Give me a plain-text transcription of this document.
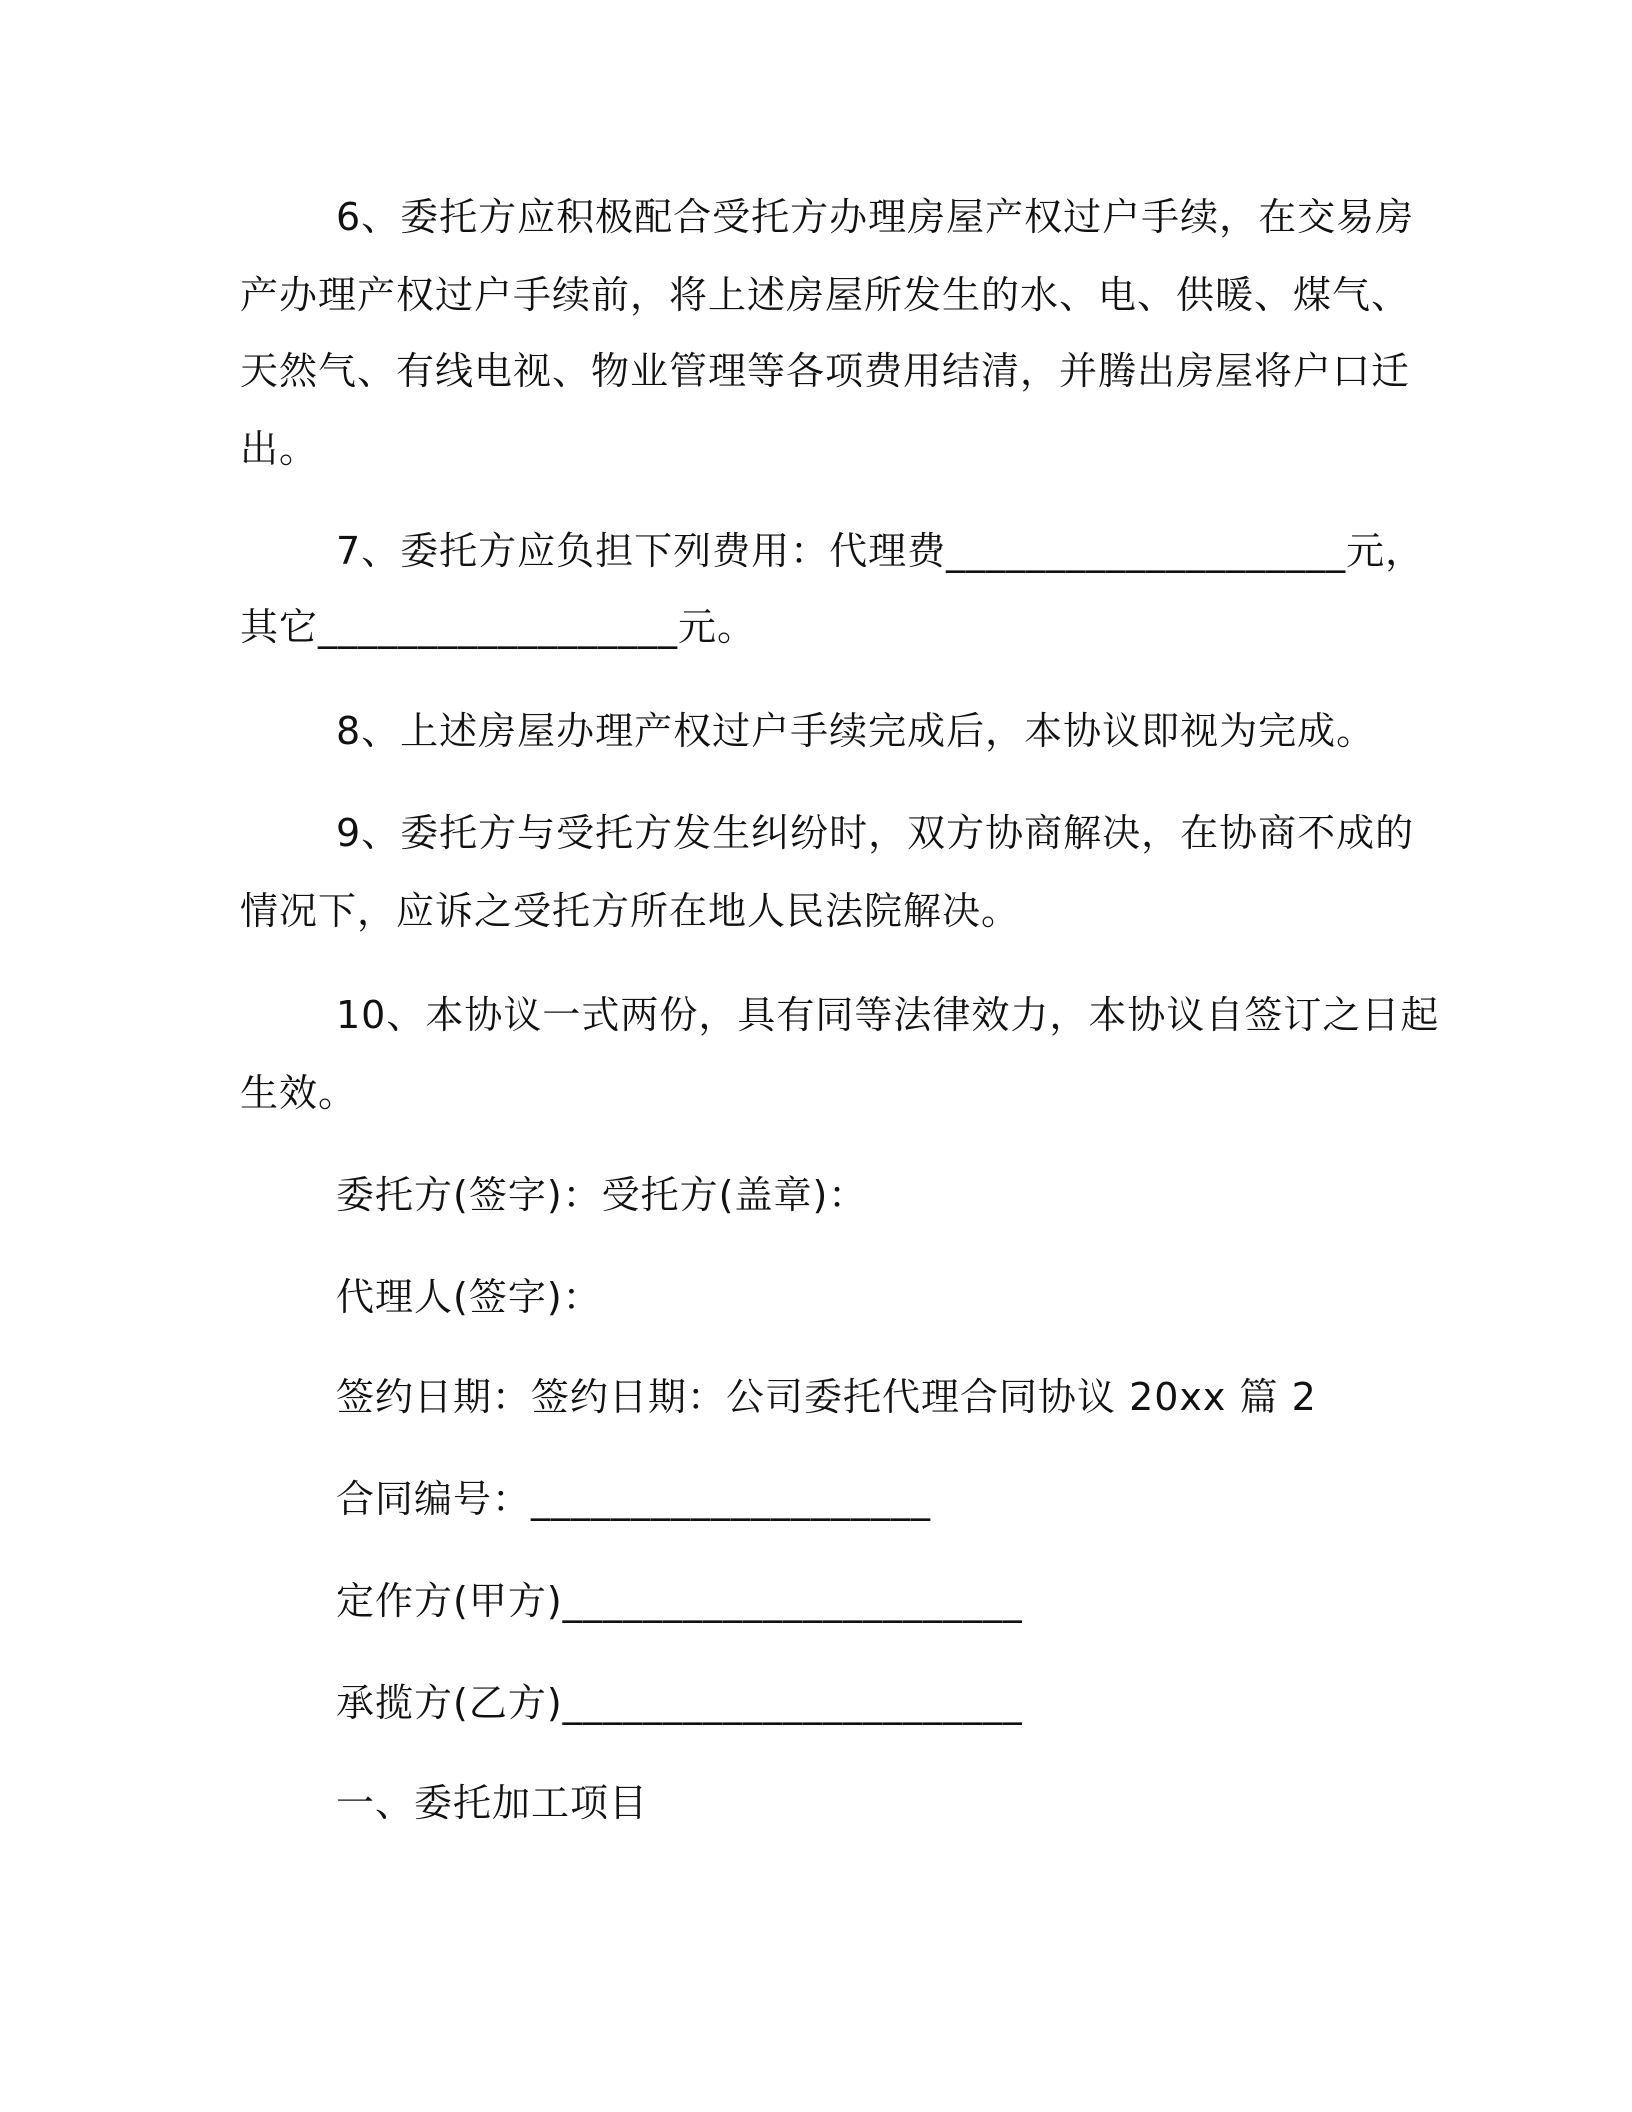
6、委托方应积极配合受托方办理房屋产权过户手续，在交易房
产办理产权过户手续前，将上述房屋所发生的水、电、供暖、煤气、
天然气、有线电视、物业管理等各项费用结清，并腾出房屋将户口迁
出。
7、委托方应负担下列费用：代理费____________________元，
其它__________________元。
8、上述房屋办理产权过户手续完成后，本协议即视为完成。
9、委托方与受托方发生纠纷时，双方协商解决，在协商不成的
情况下，应诉之受托方所在地人民法院解决。
10、本协议一式两份，具有同等法律效力，本协议自签订之日起
生效。
委托方(签字)：受托方(盖章)：
代理人(签字)：
签约日期：签约日期：公司委托代理合同协议 20xx 篇 2
合同编号：____________________
定作方(甲方)_______________________
承揽方(乙方)_______________________
一、委托加工项目
